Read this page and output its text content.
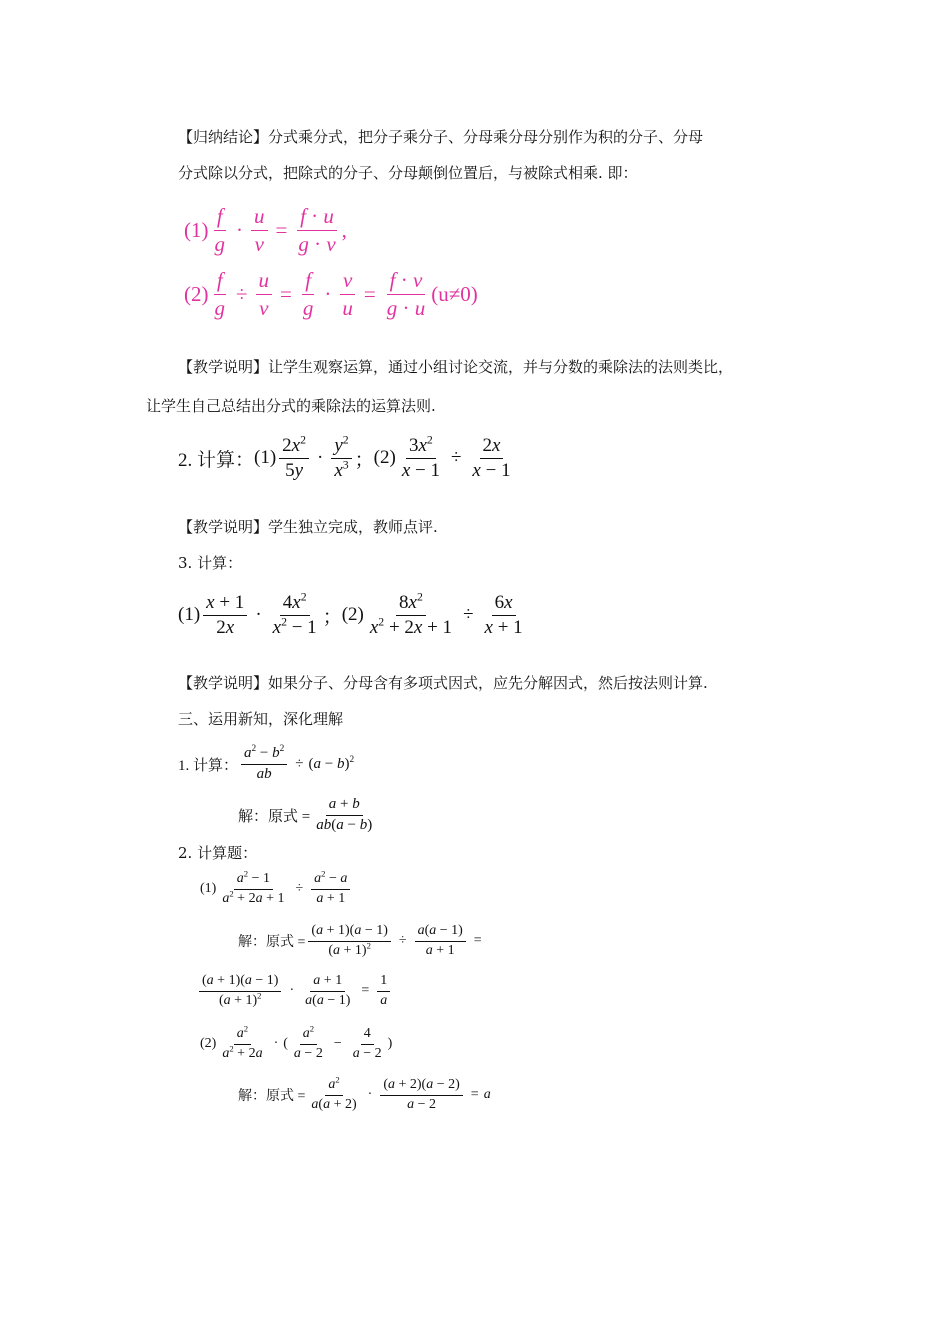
【归纳结论】分式乘分式，把分子乘分子、分母乘分母分别作为积的分子、分母
分式除以分式，把除式的分子、分母颠倒位置后，与被除式相乘. 即：
$(1) \frac{f}{g} \cdot \frac{u}{v} = \frac{f \cdot u}{g \cdot v}$ ,
$(2) \frac{f}{g} \div \frac{u}{v} = \frac{f}{g} \cdot \frac{v}{u} = \frac{f \cdot v}{g \cdot u} (u\ne 0)$
【教学说明】让学生观察运算，通过小组讨论交流，并与分数的乘除法的法则类比，
让学生自己总结出分式的乘除法的运算法则.
2. 计算： $(1) \frac{2x^2}{5y} \cdot \frac{y^2}{x^3}$ ； $(2) \frac{3x^2}{x - 1} \div \frac{2x}{x - 1}$
【教学说明】学生独立完成，教师点评.
3. 计算：
$(1) \frac{x + 1}{2x} \cdot \frac{4x^2}{x^2 - 1}$ ； $(2) \frac{8x^2}{x^2 + 2x + 1} \div \frac{6x}{x + 1}$
【教学说明】如果分子、分母含有多项式因式，应先分解因式，然后按法则计算.
三、运用新知，深化理解
1. 计算： $\frac{a^2 - b^2}{ab} \div (a - b)^2$
解：原式 = $\frac{a + b}{ab(a - b)}$
2. 计算题：
$(1) \frac{a^2 - 1}{a^2 + 2a + 1} \div \frac{a^2 - a}{a + 1}$
解：原式 = $\frac{(a + 1)(a - 1)}{(a + 1)^2} \div \frac{a(a - 1)}{a + 1}$ =
$\frac{(a + 1)(a - 1)}{(a + 1)^2} \cdot \frac{a + 1}{a(a - 1)} = \frac{1}{a}$
$(2) \frac{a^2}{a^2 + 2a}$ · ( $\frac{a^2}{a - 2} - \frac{4}{a - 2}$ )
解：原式 = $\frac{a^2}{a(a + 2)} \cdot \frac{(a + 2)(a - 2)}{a - 2} = a$
